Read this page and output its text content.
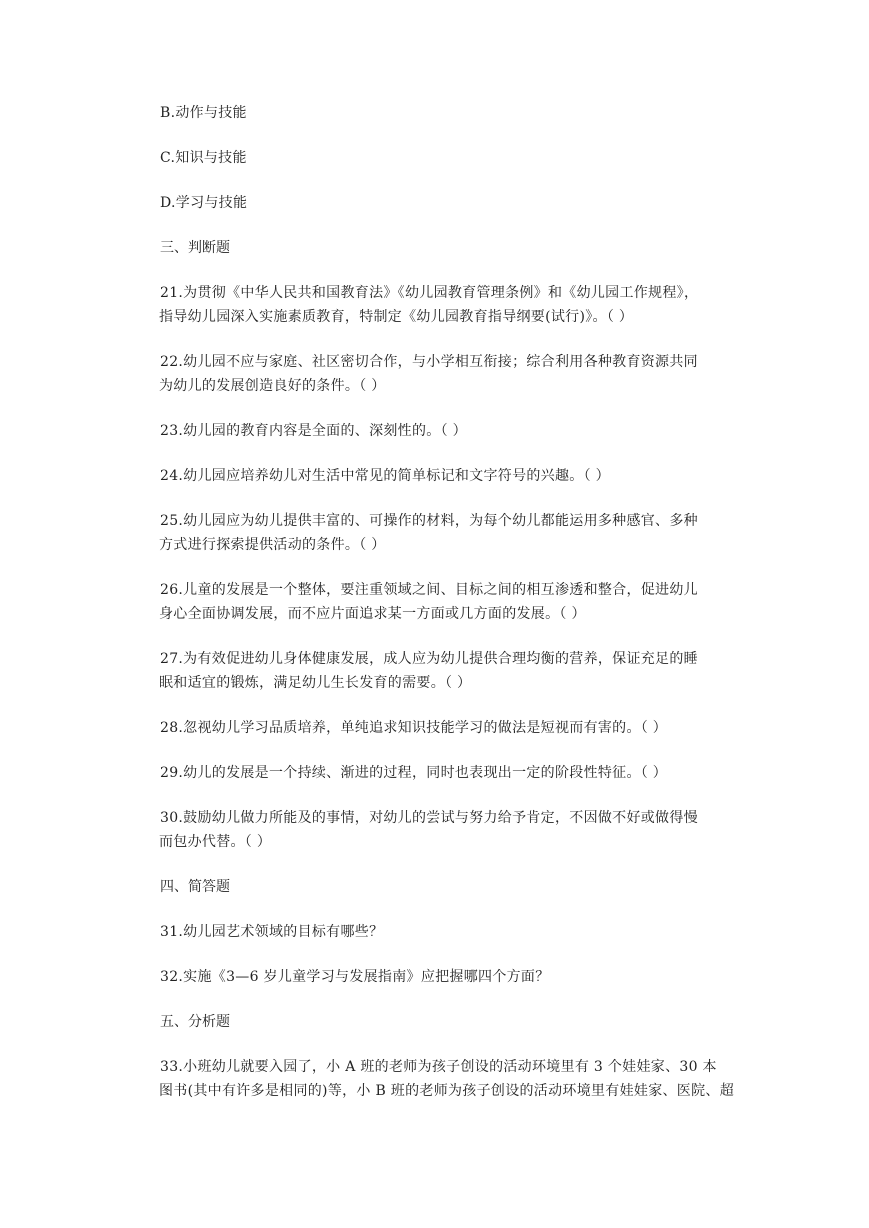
B.动作与技能

C.知识与技能

D.学习与技能

三、判断题

21.为贯彻《中华人民共和国教育法》《幼儿园教育管理条例》和《幼儿园工作规程》，
指导幼儿园深入实施素质教育，特制定《幼儿园教育指导纲要(试行)》。（ ）

22.幼儿园不应与家庭、社区密切合作，与小学相互衔接；综合利用各种教育资源共同
为幼儿的发展创造良好的条件。（ ）

23.幼儿园的教育内容是全面的、深刻性的。（ ）

24.幼儿园应培养幼儿对生活中常见的简单标记和文字符号的兴趣。（ ）

25.幼儿园应为幼儿提供丰富的、可操作的材料，为每个幼儿都能运用多种感官、多种
方式进行探索提供活动的条件。（ ）

26.儿童的发展是一个整体，要注重领域之间、目标之间的相互渗透和整合，促进幼儿
身心全面协调发展，而不应片面追求某一方面或几方面的发展。（ ）

27.为有效促进幼儿身体健康发展，成人应为幼儿提供合理均衡的营养，保证充足的睡
眠和适宜的锻炼，满足幼儿生长发育的需要。（ ）

28.忽视幼儿学习品质培养，单纯追求知识技能学习的做法是短视而有害的。（ ）

29.幼儿的发展是一个持续、渐进的过程，同时也表现出一定的阶段性特征。（ ）

30.鼓励幼儿做力所能及的事情，对幼儿的尝试与努力给予肯定，不因做不好或做得慢
而包办代替。（ ）

四、简答题

31.幼儿园艺术领域的目标有哪些？

32.实施《3—6 岁儿童学习与发展指南》应把握哪四个方面？

五、分析题

33.小班幼儿就要入园了，小 A 班的老师为孩子创设的活动环境里有 3 个娃娃家、30 本
图书(其中有许多是相同的)等，小 B 班的老师为孩子创设的活动环境里有娃娃家、医院、超
